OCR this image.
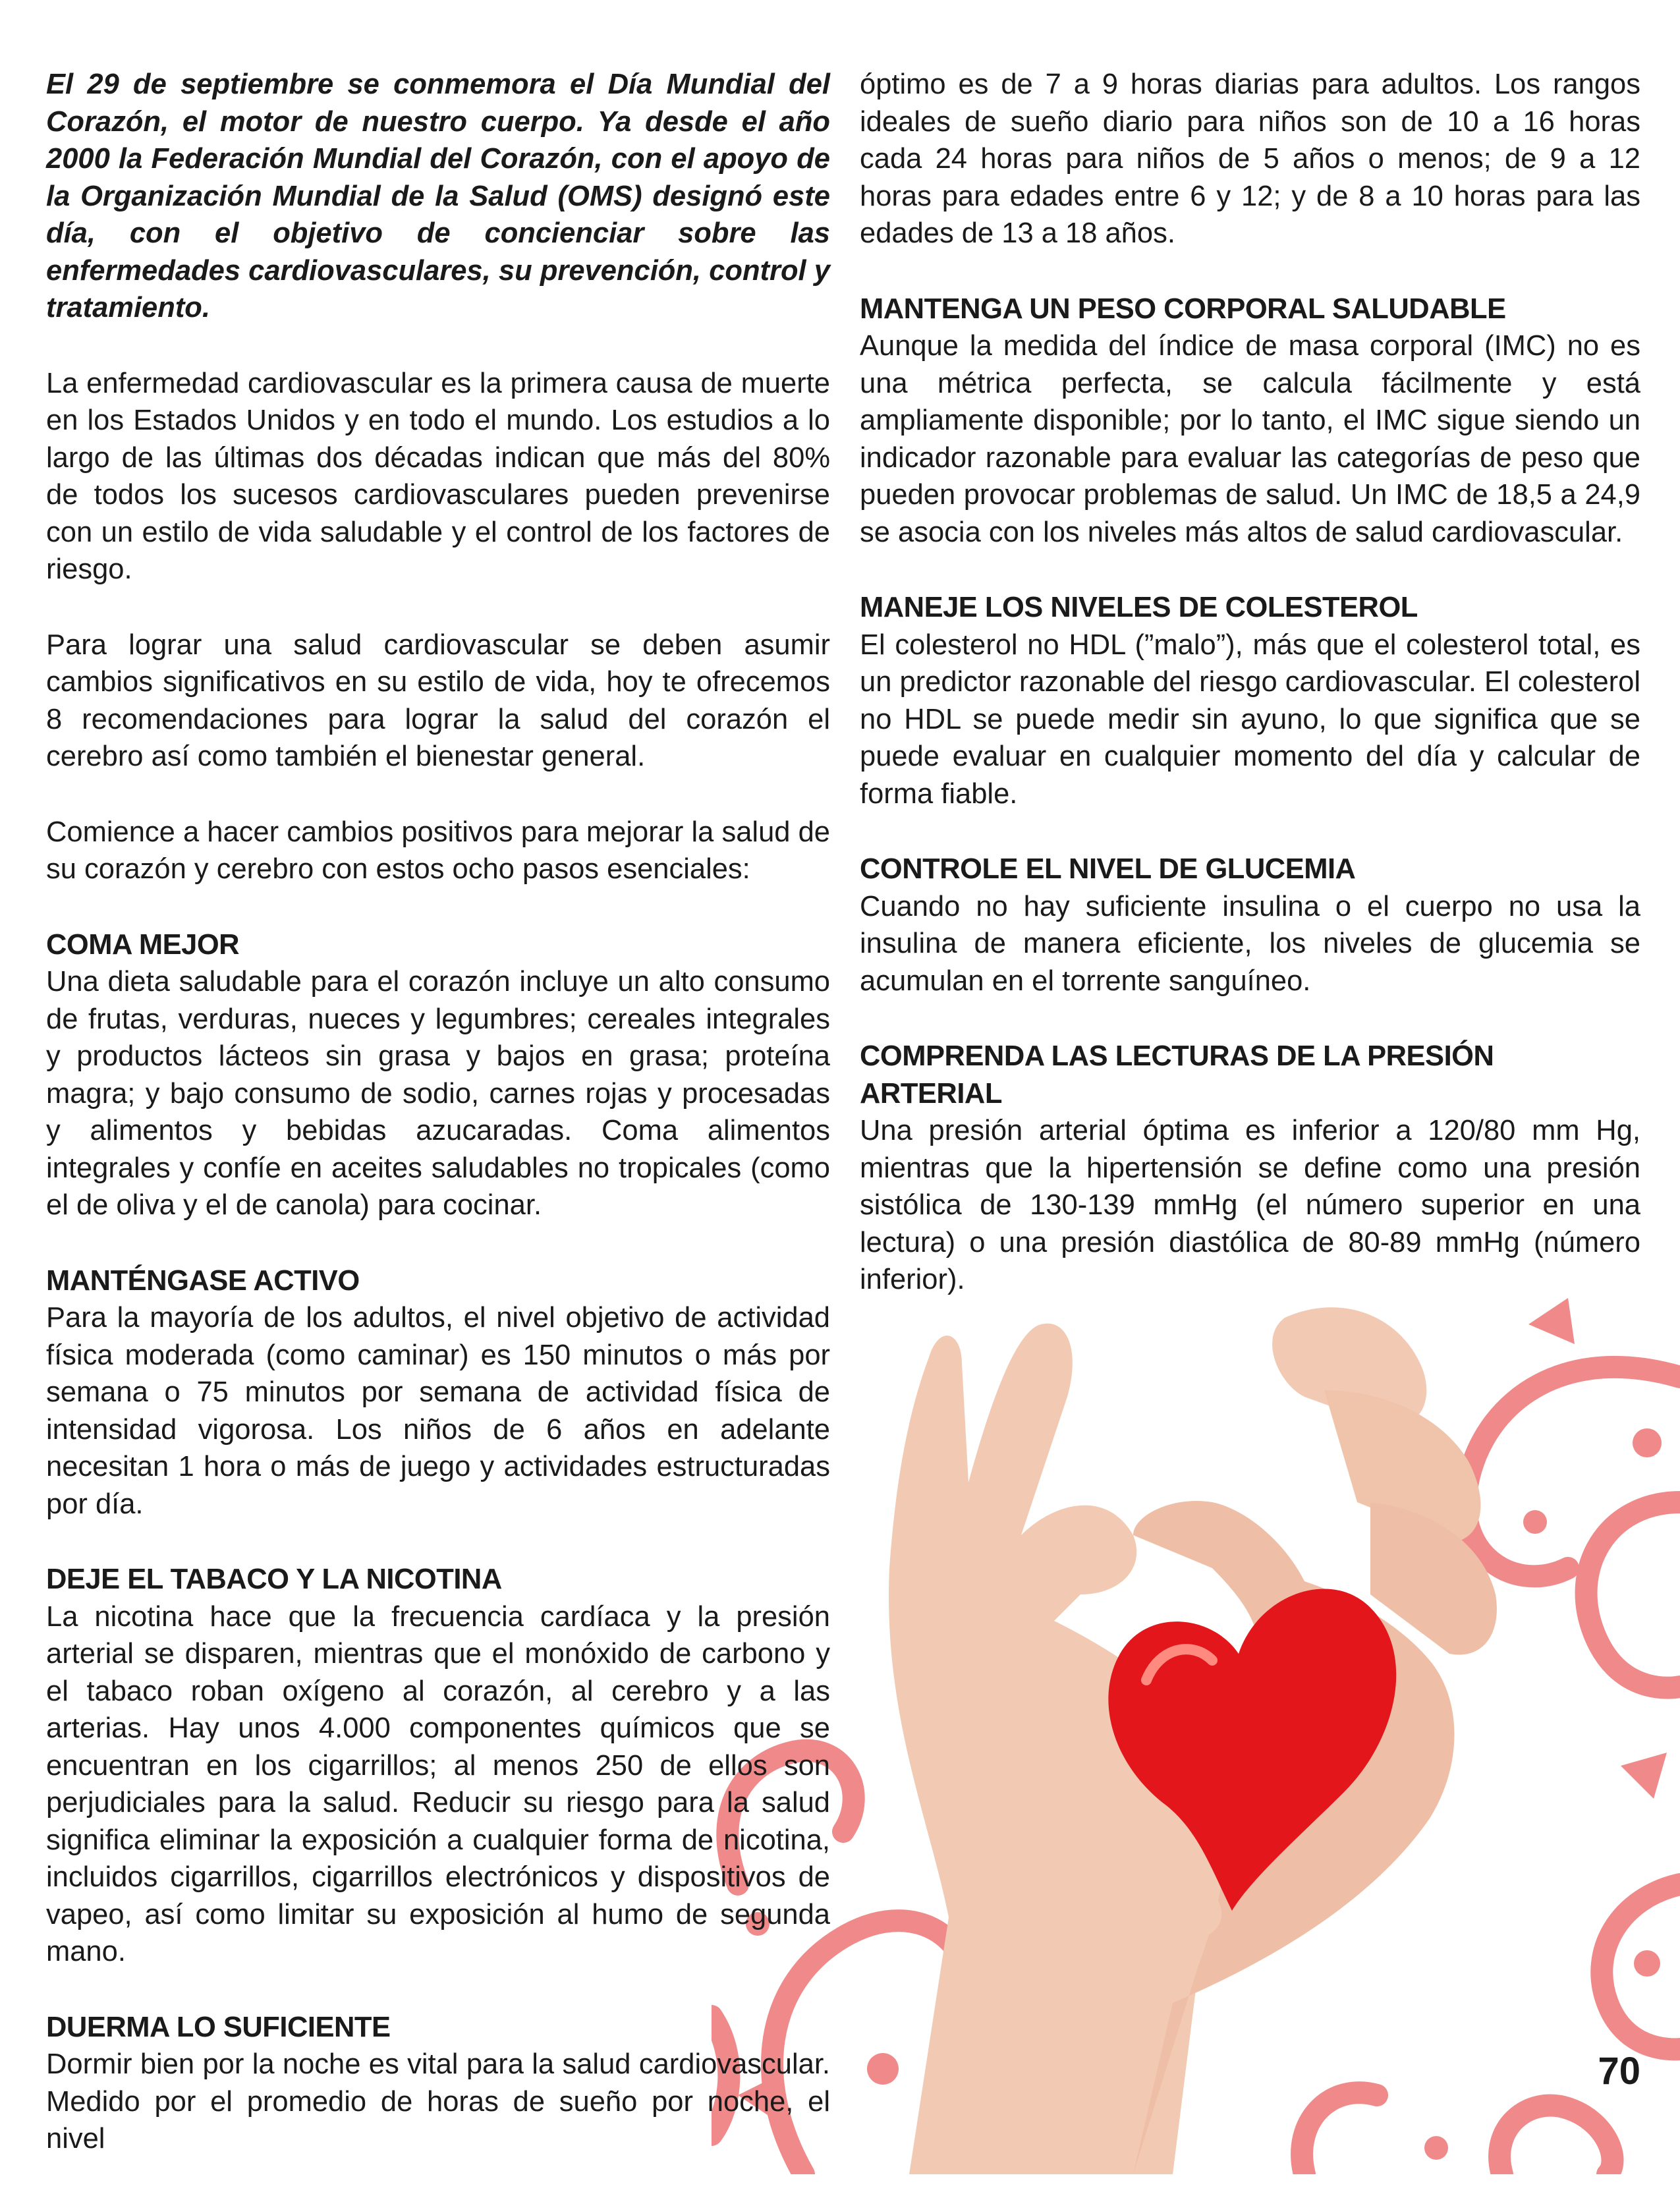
El 29 de septiembre se conmemora el Día Mundial del Corazón, el motor de nuestro cuerpo. Ya desde el año 2000 la Federación Mundial del Corazón, con el apoyo de la Organización Mundial de la Salud (OMS) designó este día, con el objetivo de concienciar sobre las enfermedades cardiovasculares, su prevención, control y tratamiento.

La enfermedad cardiovascular es la primera causa de muerte en los Estados Unidos y en todo el mundo. Los estudios a lo largo de las últimas dos décadas indican que más del 80% de todos los sucesos cardiovasculares pueden prevenirse con un estilo de vida saludable y el control de los factores de riesgo.

Para lograr una salud cardiovascular se deben asumir cambios significativos en su estilo de vida, hoy te ofrecemos 8 recomendaciones para lograr la salud del corazón el cerebro así como también el bienestar general.

Comience a hacer cambios positivos para mejorar la salud de su corazón y cerebro con estos ocho pasos esenciales:

COMA MEJOR

Una dieta saludable para el corazón incluye un alto consumo de frutas, verduras, nueces y legumbres; cereales integrales y productos lácteos sin grasa y bajos en grasa; proteína magra; y bajo consumo de sodio, carnes rojas y procesadas y alimentos y bebidas azucaradas. Coma alimentos integrales y confíe en aceites saludables no tropicales (como el de oliva y el de canola) para cocinar.

MANTÉNGASE ACTIVO

Para la mayoría de los adultos, el nivel objetivo de actividad física moderada (como caminar) es 150 minutos o más por semana o 75 minutos por semana de actividad física de intensidad vigorosa. Los niños de 6 años en adelante necesitan 1 hora o más de juego y actividades estructuradas por día.

DEJE EL TABACO Y LA NICOTINA

La nicotina hace que la frecuencia cardíaca y la presión arterial se disparen, mientras que el monóxido de carbono y el tabaco roban oxígeno al corazón, al cerebro y a las arterias. Hay unos 4.000 componentes químicos que se encuentran en los cigarrillos; al menos 250 de ellos son perjudiciales para la salud. Reducir su riesgo para la salud significa eliminar la exposición a cualquier forma de nicotina, incluidos cigarrillos, cigarrillos electrónicos y dispositivos de vapeo, así como limitar su exposición al humo de segunda mano.

DUERMA LO SUFICIENTE

Dormir bien por la noche es vital para la salud cardiovascular. Medido por el promedio de horas de sueño por noche, el nivel

óptimo es de 7 a 9 horas diarias para adultos. Los rangos ideales de sueño diario para niños son de 10 a 16 horas cada 24 horas para niños de 5 años o menos; de 9 a 12 horas para edades entre 6 y 12; y de 8 a 10 horas para las edades de 13 a 18 años.

MANTENGA UN PESO CORPORAL SALUDABLE

Aunque la medida del índice de masa corporal (IMC) no es una métrica perfecta, se calcula fácilmente y está ampliamente disponible; por lo tanto, el IMC sigue siendo un indicador razonable para evaluar las categorías de peso que pueden provocar problemas de salud. Un IMC de 18,5 a 24,9 se asocia con los niveles más altos de salud cardiovascular.

MANEJE LOS NIVELES DE COLESTEROL

El colesterol no HDL (”malo”), más que el colesterol total, es un predictor razonable del riesgo cardiovascular. El colesterol no HDL se puede medir sin ayuno, lo que significa que se puede evaluar en cualquier momento del día y calcular de forma fiable.

CONTROLE EL NIVEL DE GLUCEMIA

Cuando no hay suficiente insulina o el cuerpo no usa la insulina de manera eficiente, los niveles de glucemia se acumulan en el torrente sanguíneo.

COMPRENDA LAS LECTURAS DE LA PRESIÓN ARTERIAL

Una presión arterial óptima es inferior a 120/80 mm Hg, mientras que la hipertensión se define como una presión sistólica de 130-139 mmHg (el número superior en una lectura) o una presión diastólica de 80-89 mmHg (número inferior).

70
